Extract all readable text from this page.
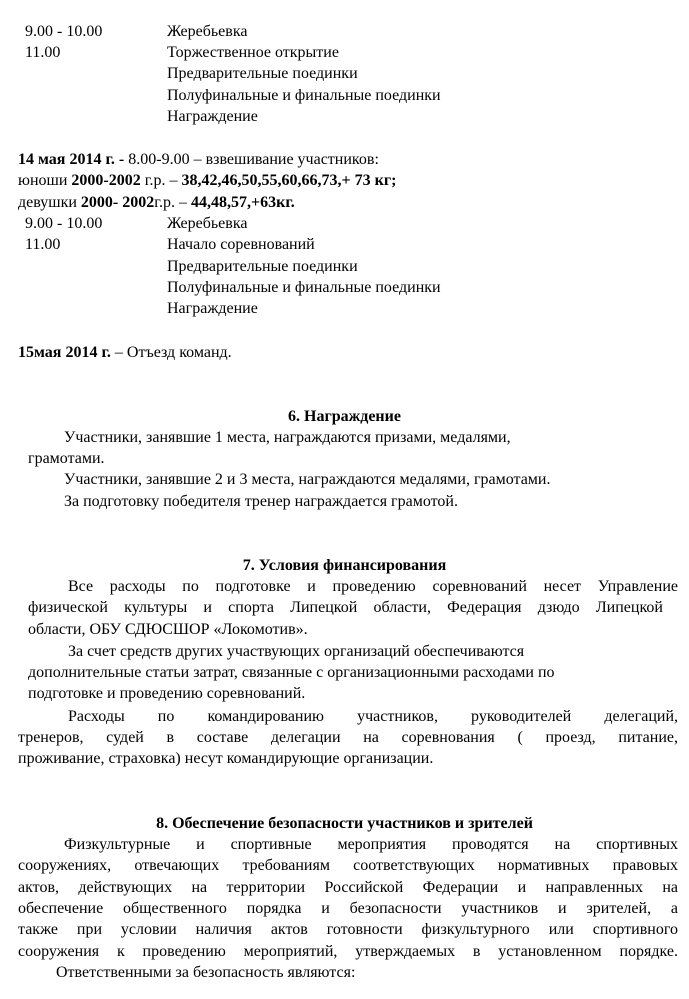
9.00 - 10.00	Жеребьевка
11.00	Торжественное открытие
Предварительные поединки
Полуфинальные и финальные поединки
Награждение
14 мая 2014 г. - 8.00-9.00 – взвешивание участников:
юноши 2000-2002 г.р. – 38,42,46,50,55,60,66,73,+ 73 кг;
девушки 2000- 2002г.р. – 44,48,57,+63кг.
9.00 - 10.00	Жеребьевка
11.00	Начало соревнований
Предварительные поединки
Полуфинальные и финальные поединки
Награждение
15мая 2014 г. – Отъезд команд.
6. Награждение
Участники, занявшие 1 места, награждаются призами, медалями,
грамотами.
Участники, занявшие 2 и 3 места, награждаются медалями, грамотами.
За подготовку победителя тренер награждается грамотой.
7. Условия финансирования
Все расходы по подготовке и проведению соревнований несет Управление
физической культуры и спорта Липецкой области, Федерация дзюдо Липецкой
области, ОБУ СДЮСШОР «Локомотив».
За счет средств других участвующих организаций обеспечиваются
дополнительные статьи затрат, связанные с организационными расходами по
подготовке и проведению соревнований.
Расходы по командированию участников, руководителей делегаций,
тренеров, судей в составе делегации на соревнования ( проезд, питание,
проживание, страховка) несут командирующие организации.
8. Обеспечение безопасности участников и зрителей
Физкультурные и спортивные мероприятия проводятся на спортивных
сооружениях, отвечающих требованиям соответствующих нормативных правовых
актов, действующих на территории Российской Федерации и направленных на
обеспечение общественного порядка и безопасности участников и зрителей, а
также при условии наличия актов готовности физкультурного или спортивного
сооружения к проведению мероприятий, утверждаемых в установленном порядке.
Ответственными за безопасность являются:
